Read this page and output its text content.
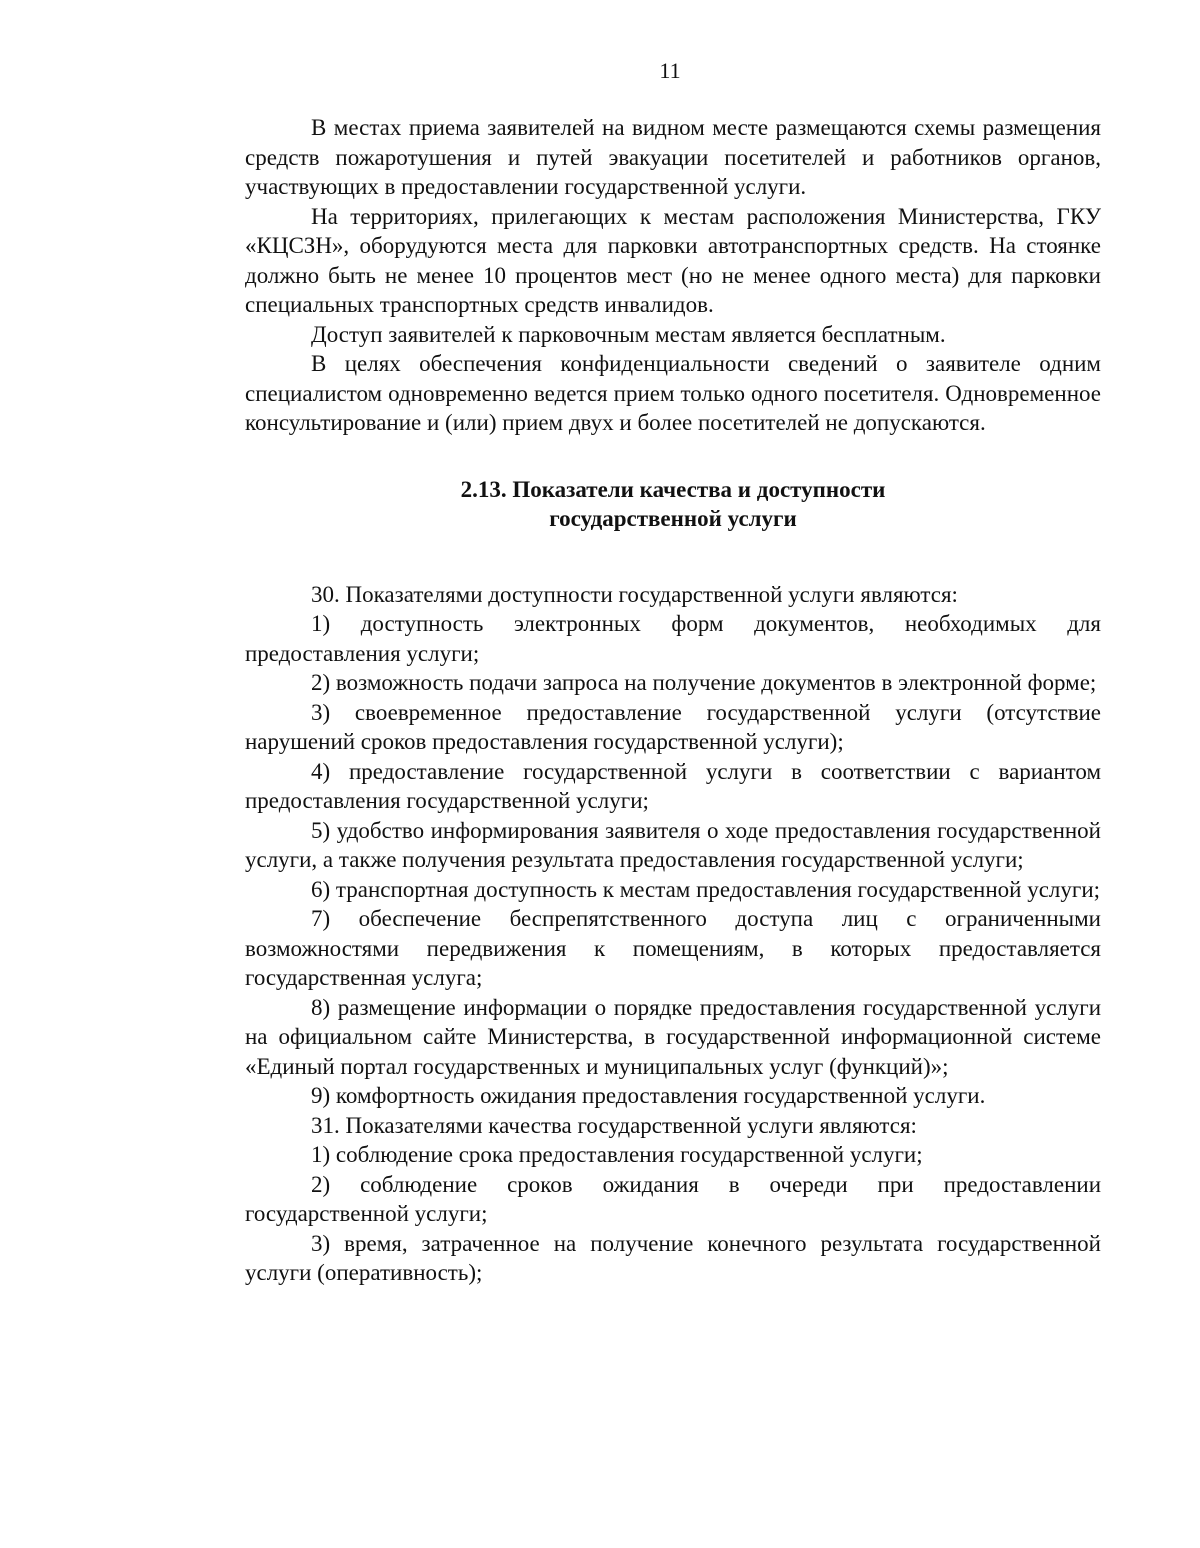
11

В местах приема заявителей на видном месте размещаются схемы размещения средств пожаротушения и путей эвакуации посетителей и работников органов, участвующих в предоставлении государственной услуги.

На территориях, прилегающих к местам расположения Министерства, ГКУ «КЦСЗН», оборудуются места для парковки автотранспортных средств. На стоянке должно быть не менее 10 процентов мест (но не менее одного места) для парковки специальных транспортных средств инвалидов.

Доступ заявителей к парковочным местам является бесплатным.

В целях обеспечения конфиденциальности сведений о заявителе одним специалистом одновременно ведется прием только одного посетителя. Одновременное консультирование и (или) прием двух и более посетителей не допускаются.

2.13. Показатели качества и доступности
государственной услуги

30. Показателями доступности государственной услуги являются:

1) доступность электронных форм документов, необходимых для предоставления услуги;

2) возможность подачи запроса на получение документов в электронной форме;

3) своевременное предоставление государственной услуги (отсутствие нарушений сроков предоставления государственной услуги);

4) предоставление государственной услуги в соответствии с вариантом предоставления государственной услуги;

5) удобство информирования заявителя о ходе предоставления государственной услуги, а также получения результата предоставления государственной услуги;

6) транспортная доступность к местам предоставления государственной услуги;

7) обеспечение беспрепятственного доступа лиц с ограниченными возможностями передвижения к помещениям, в которых предоставляется государственная услуга;

8) размещение информации о порядке предоставления государственной услуги на официальном сайте Министерства, в государственной информационной системе «Единый портал государственных и муниципальных услуг (функций)»;

9) комфортность ожидания предоставления государственной услуги.

31. Показателями качества государственной услуги являются:

1) соблюдение срока предоставления государственной услуги;

2) соблюдение сроков ожидания в очереди при предоставлении государственной услуги;

3) время, затраченное на получение конечного результата государственной услуги (оперативность);
